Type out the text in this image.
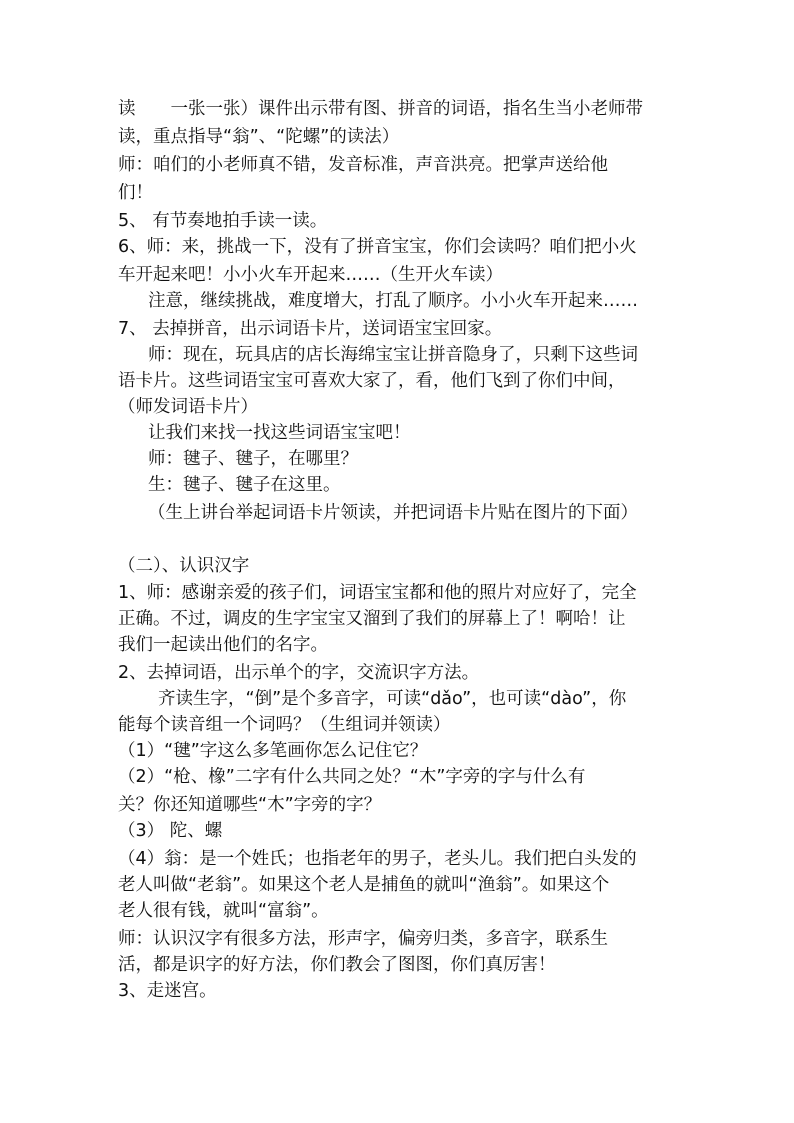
读　　一张一张）课件出示带有图、拼音的词语，指名生当小老师带
读，重点指导“翁”、“陀螺”的读法）
师：咱们的小老师真不错，发音标准，声音洪亮。把掌声送给他
们！
5、 有节奏地拍手读一读。
6、师：来，挑战一下，没有了拼音宝宝，你们会读吗？咱们把小火
车开起来吧！小小火车开起来……（生开火车读）
注意，继续挑战，难度增大，打乱了顺序。小小火车开起来……
7、 去掉拼音，出示词语卡片，送词语宝宝回家。
师：现在，玩具店的店长海绵宝宝让拼音隐身了，只剩下这些词
语卡片。这些词语宝宝可喜欢大家了，看，他们飞到了你们中间，
（师发词语卡片）
让我们来找一找这些词语宝宝吧！
师：毽子、毽子，在哪里？
生：毽子、毽子在这里。
（生上讲台举起词语卡片领读，并把词语卡片贴在图片的下面）
（二）、认识汉字
1、师：感谢亲爱的孩子们，词语宝宝都和他的照片对应好了，完全
正确。不过，调皮的生字宝宝又溜到了我们的屏幕上了！啊哈！让
我们一起读出他们的名字。
2、去掉词语，出示单个的字，交流识字方法。
齐读生字，“倒”是个多音字，可读“dǎo”，也可读“dào”，你
能每个读音组一个词吗？（生组词并领读）
（1）“毽”字这么多笔画你怎么记住它？
（2）“枪、橡”二字有什么共同之处？“木”字旁的字与什么有
关？你还知道哪些“木”字旁的字？
（3） 陀、螺
（4）翁：是一个姓氏；也指老年的男子，老头儿。我们把白头发的
老人叫做“老翁”。如果这个老人是捕鱼的就叫“渔翁”。如果这个
老人很有钱，就叫“富翁”。
师：认识汉字有很多方法，形声字，偏旁归类，多音字，联系生
活，都是识字的好方法，你们教会了图图，你们真厉害！
3、走迷宫。
